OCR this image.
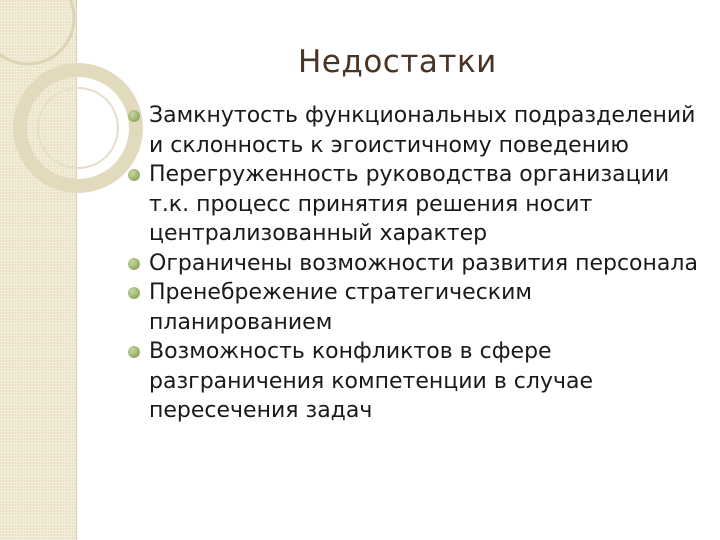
Недостатки
Замкнутость функциональных подразделений и склонность к эгоистичному поведению
Перегруженность руководства организации т.к. процесс принятия решения носит централизованный характер
Ограничены возможности развития персонала
Пренебрежение стратегическим планированием
Возможность конфликтов в сфере разграничения компетенции в случае пересечения задач
